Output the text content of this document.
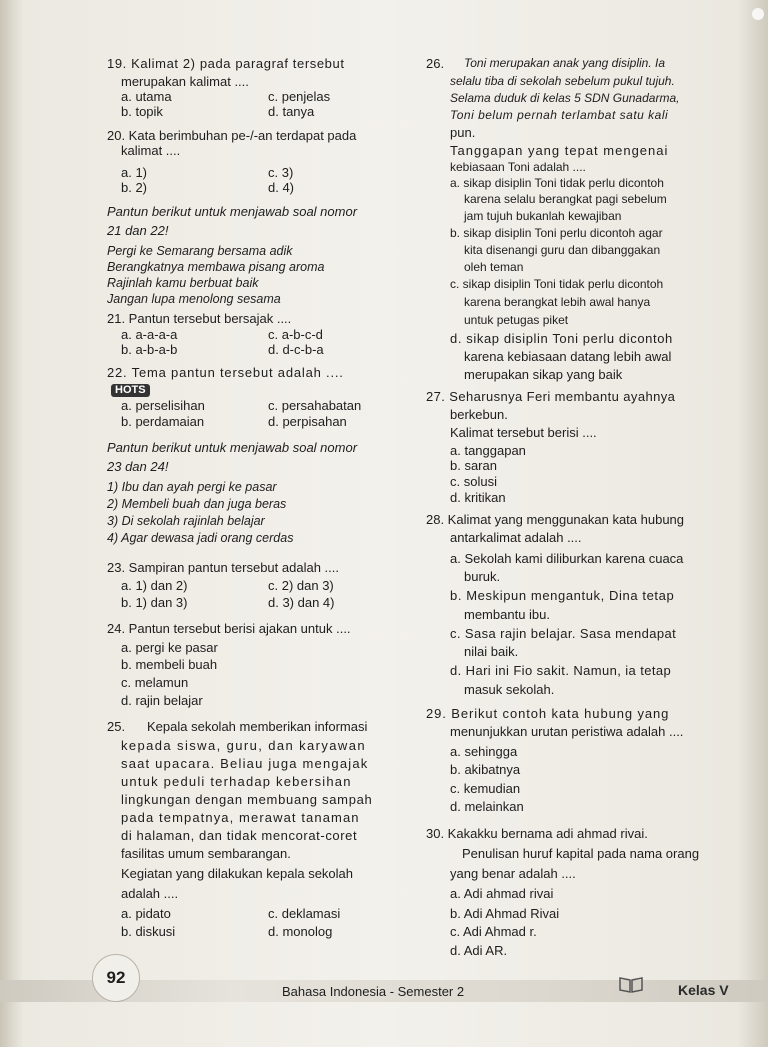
19. Kalimat 2) pada paragraf tersebut
merupakan kalimat ....
a. utama	c. penjelas
b. topik	d. tanya
20. Kata berimbuhan pe-/-an terdapat pada
kalimat ....
a. 1)	c. 3)
b. 2)	d. 4)
Pantun berikut untuk menjawab soal nomor
21 dan 22!
Pergi ke Semarang bersama adik
Berangkatnya membawa pisang aroma
Rajinlah kamu berbuat baik
Jangan lupa menolong sesama
21. Pantun tersebut bersajak ....
a. a-a-a-a	c. a-b-c-d
b. a-b-a-b	d. d-c-b-a
22. Tema pantun tersebut adalah ....
HOTS
a. perselisihan	c. persahabatan
b. perdamaian	d. perpisahan
Pantun berikut untuk menjawab soal nomor
23 dan 24!
1) Ibu dan ayah pergi ke pasar
2) Membeli buah dan juga beras
3) Di sekolah rajinlah belajar
4) Agar dewasa jadi orang cerdas
23. Sampiran pantun tersebut adalah ....
a. 1) dan 2)	c. 2) dan 3)
b. 1) dan 3)	d. 3) dan 4)
24. Pantun tersebut berisi ajakan untuk ....
a. pergi ke pasar
b. membeli buah
c. melamun
d. rajin belajar
25. Kepala sekolah memberikan informasi
kepada siswa, guru, dan karyawan
saat upacara. Beliau juga mengajak
untuk peduli terhadap kebersihan
lingkungan dengan membuang sampah
pada tempatnya, merawat tanaman
di halaman, dan tidak mencorat-coret
fasilitas umum sembarangan.
Kegiatan yang dilakukan kepala sekolah
adalah ....
a. pidato	c. deklamasi
b. diskusi	d. monolog
26. Toni merupakan anak yang disiplin. Ia
selalu tiba di sekolah sebelum pukul tujuh.
Selama duduk di kelas 5 SDN Gunadarma,
Toni belum pernah terlambat satu kali
pun.
Tanggapan yang tepat mengenai
kebiasaan Toni adalah ....
a. sikap disiplin Toni tidak perlu dicontoh
karena selalu berangkat pagi sebelum
jam tujuh bukanlah kewajiban
b. sikap disiplin Toni perlu dicontoh agar
kita disenangi guru dan dibanggakan
oleh teman
c. sikap disiplin Toni tidak perlu dicontoh
karena berangkat lebih awal hanya
untuk petugas piket
d. sikap disiplin Toni perlu dicontoh
karena kebiasaan datang lebih awal
merupakan sikap yang baik
27. Seharusnya Feri membantu ayahnya
berkebun.
Kalimat tersebut berisi ....
a. tanggapan
b. saran
c. solusi
d. kritikan
28. Kalimat yang menggunakan kata hubung
antarkalimat adalah ....
a. Sekolah kami diliburkan karena cuaca
buruk.
b. Meskipun mengantuk, Dina tetap
membantu ibu.
c. Sasa rajin belajar. Sasa mendapat
nilai baik.
d. Hari ini Fio sakit. Namun, ia tetap
masuk sekolah.
29. Berikut contoh kata hubung yang
menunjukkan urutan peristiwa adalah ....
a. sehingga
b. akibatnya
c. kemudian
d. melainkan
30. Kakakku bernama adi ahmad rivai.
Penulisan huruf kapital pada nama orang
yang benar adalah ....
a. Adi ahmad rivai
b. Adi Ahmad Rivai
c. Adi Ahmad r.
d. Adi AR.
92
Bahasa Indonesia - Semester 2	Kelas V
